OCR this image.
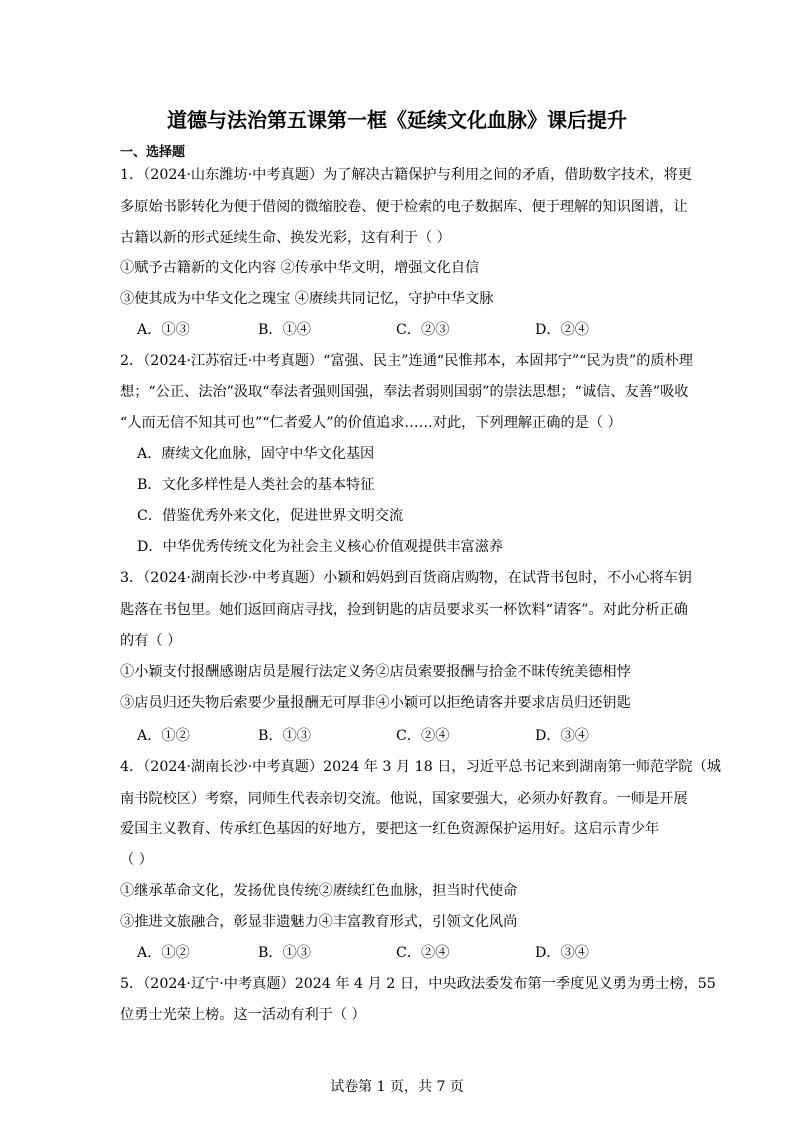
道德与法治第五课第一框《延续文化血脉》课后提升
一、选择题
1．（2024·山东潍坊·中考真题）为了解决古籍保护与利用之间的矛盾，借助数字技术，将更
多原始书影转化为便于借阅的微缩胶卷、便于检索的电子数据库、便于理解的知识图谱，让
古籍以新的形式延续生命、换发光彩，这有利于（ ）
①赋予古籍新的文化内容 ②传承中华文明，增强文化自信
③使其成为中华文化之瑰宝 ④赓续共同记忆，守护中华文脉
A．①③	B．①④	C．②③	D．②④
2．（2024·江苏宿迁·中考真题）“富强、民主”连通“民惟邦本，本固邦宁”“民为贵”的质朴理
想；“公正、法治”汲取“奉法者强则国强，奉法者弱则国弱”的崇法思想；“诚信、友善”吸收
“人而无信不知其可也”“仁者爱人”的价值追求……对此，下列理解正确的是（ ）
A．赓续文化血脉，固守中华文化基因
B．文化多样性是人类社会的基本特征
C．借鉴优秀外来文化，促进世界文明交流
D．中华优秀传统文化为社会主义核心价值观提供丰富滋养
3．（2024·湖南长沙·中考真题）小颖和妈妈到百货商店购物，在试背书包时，不小心将车钥
匙落在书包里。她们返回商店寻找，捡到钥匙的店员要求买一杯饮料“请客”。对此分析正确
的有（ ）
①小颖支付报酬感谢店员是履行法定义务②店员索要报酬与拾金不昧传统美德相悖
③店员归还失物后索要少量报酬无可厚非④小颖可以拒绝请客并要求店员归还钥匙
A．①②	B．①③	C．②④	D．③④
4．（2024·湖南长沙·中考真题）2024 年 3 月 18 日，习近平总书记来到湖南第一师范学院（城
南书院校区）考察，同师生代表亲切交流。他说，国家要强大，必须办好教育。一师是开展
爱国主义教育、传承红色基因的好地方，要把这一红色资源保护运用好。这启示青少年
（ ）
①继承革命文化，发扬优良传统②赓续红色血脉，担当时代使命
③推进文旅融合，彰显非遗魅力④丰富教育形式，引领文化风尚
A．①②	B．①③	C．②④	D．③④
5．（2024·辽宁·中考真题）2024 年 4 月 2 日，中央政法委发布第一季度见义勇为勇士榜，55
位勇士光荣上榜。这一活动有利于（ ）
试卷第 1 页，共 7 页
